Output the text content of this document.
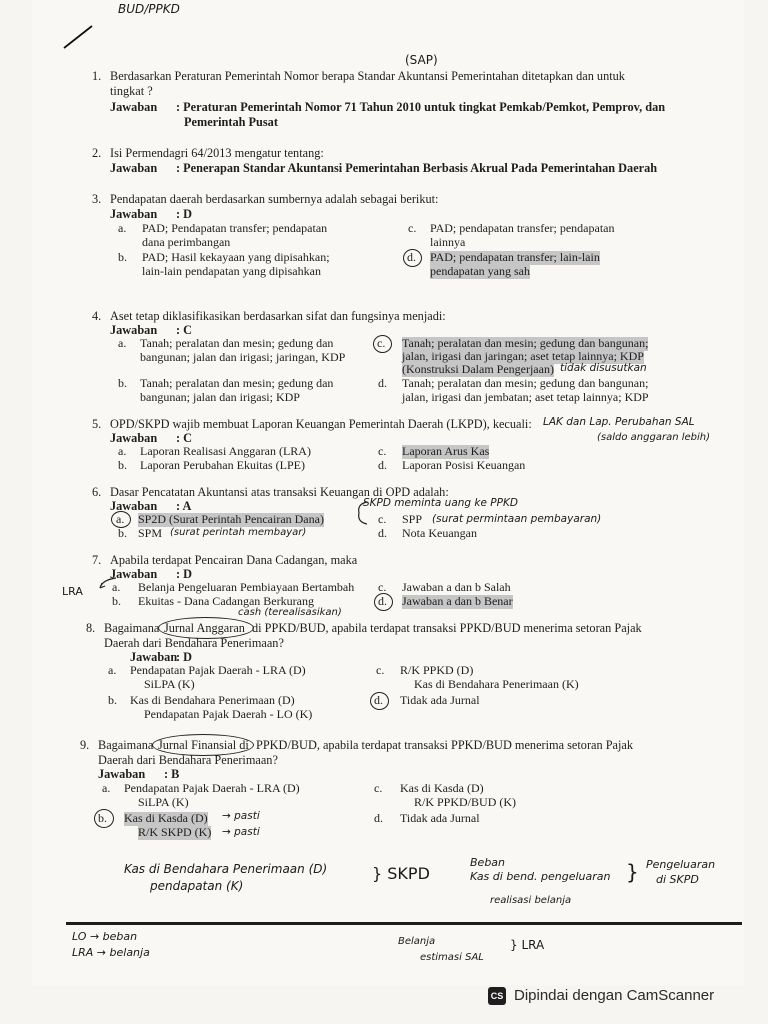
BUD/PPKD
(SAP)
1. Berdasarkan Peraturan Pemerintah Nomor berapa Standar Akuntansi Pemerintahan ditetapkan dan untuk
tingkat ?
Jawaban : Peraturan Pemerintah Nomor 71 Tahun 2010 untuk tingkat Pemkab/Pemkot, Pemprov, dan
Pemerintah Pusat
2. Isi Permendagri 64/2013 mengatur tentang:
Jawaban : Penerapan Standar Akuntansi Pemerintahan Berbasis Akrual Pada Pemerintahan Daerah
3. Pendapatan daerah berdasarkan sumbernya adalah sebagai berikut:
Jawaban : D
a. PAD; Pendapatan transfer; pendapatan
dana perimbangan
b. PAD; Hasil kekayaan yang dipisahkan;
lain-lain pendapatan yang dipisahkan
c. PAD; pendapatan transfer; pendapatan
lainnya
d. PAD; pendapatan transfer; lain-lain
pendapatan yang sah
4. Aset tetap diklasifikasikan berdasarkan sifat dan fungsinya menjadi:
Jawaban : C
a. Tanah; peralatan dan mesin; gedung dan
bangunan; jalan dan irigasi; jaringan, KDP
b. Tanah; peralatan dan mesin; gedung dan
bangunan; jalan dan irigasi; KDP
c. Tanah; peralatan dan mesin; gedung dan bangunan;
jalan, irigasi dan jaringan; aset tetap lainnya; KDP
(Konstruksi Dalam Pengerjaan) tidak disusutkan
d. Tanah; peralatan dan mesin; gedung dan bangunan;
jalan, irigasi dan jembatan; aset tetap lainnya; KDP
5. OPD/SKPD wajib membuat Laporan Keuangan Pemerintah Daerah (LKPD), kecuali: LAK dan Lap. Perubahan SAL
(saldo anggaran lebih)
Jawaban : C
a. Laporan Realisasi Anggaran (LRA)
b. Laporan Perubahan Ekuitas (LPE)
c. Laporan Arus Kas
d. Laporan Posisi Keuangan
6. Dasar Pencatatan Akuntansi atas transaksi Keuangan di OPD adalah:
Jawaban : A	SKPD meminta uang ke PPKD
a. SP2D (Surat Perintah Pencairan Dana)
b. SPM (surat perintah membayar)
c. SPP (surat permintaan pembayaran)
d. Nota Keuangan
7. Apabila terdapat Pencairan Dana Cadangan, maka
Jawaban : D
LRA a. Belanja Pengeluaran Pembiayaan Bertambah
b. Ekuitas - Dana Cadangan Berkurang
cash (terealisasikan)
c. Jawaban a dan b Salah
d. Jawaban a dan b Benar
8. Bagaimana Jurnal Anggaran di PPKD/BUD, apabila terdapat transaksi PPKD/BUD menerima setoran Pajak
Daerah dari Bendahara Penerimaan?
Jawaban
: D
a. Pendapatan Pajak Daerah - LRA (D)
SiLPA (K)
b. Kas di Bendahara Penerimaan (D)
Pendapatan Pajak Daerah - LO (K)
c. R/K PPKD (D)
Kas di Bendahara Penerimaan (K)
d. Tidak ada Jurnal
9. Bagaimana Jurnal Finansial di PPKD/BUD, apabila terdapat transaksi PPKD/BUD menerima setoran Pajak
Daerah dari Bendahara Penerimaan?
Jawaban : B
a. Pendapatan Pajak Daerah - LRA (D)
SiLPA (K)
b. Kas di Kasda (D)
R/K SKPD (K)
→ pasti
→ pasti
c. Kas di Kasda (D)
R/K PPKD/BUD (K)
d. Tidak ada Jurnal
Kas di Bendahara Penerimaan (D)
pendapatan (K)
} SKPD
Beban
Kas di bend. pengeluaran } Pengeluaran
di SKPD
realisasi belanja
LO → beban
LRA → belanja
Belanja
estimasi SAL
} LRA
CS Dipindai dengan CamScanner
